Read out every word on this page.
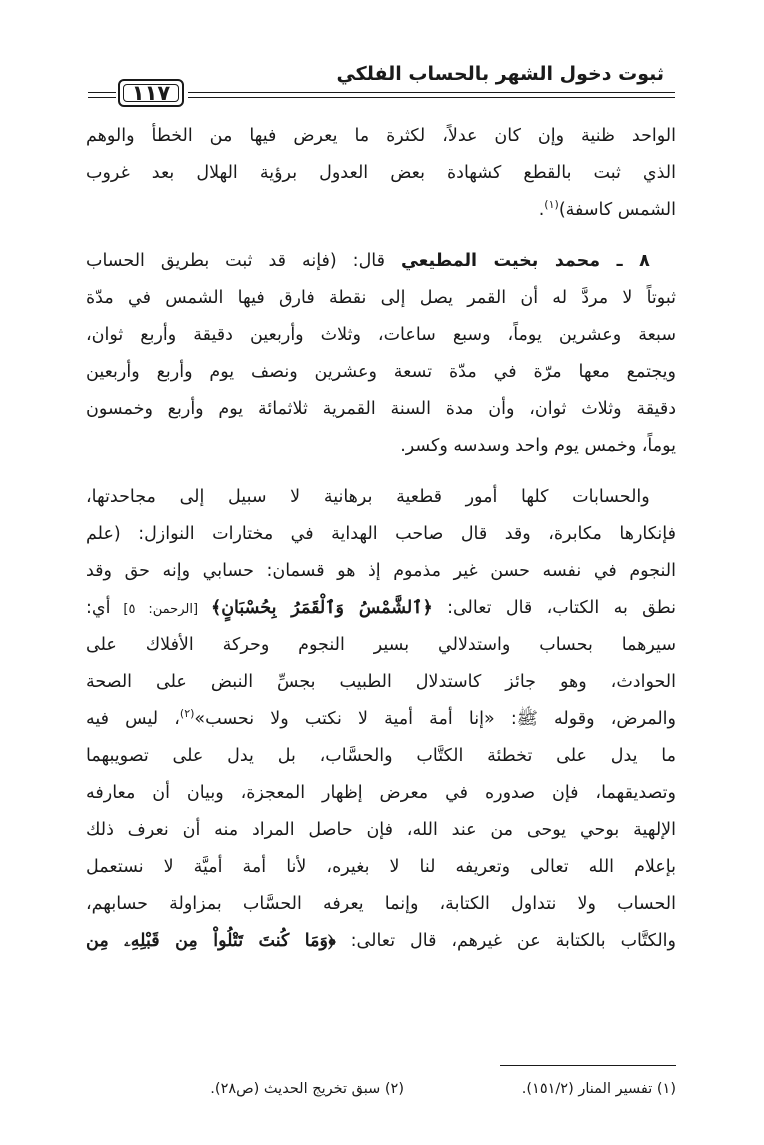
ثبوت دخول الشهر بالحساب الفلكي
١١٧
الواحد ظنية وإن كان عدلاً، لكثرة ما يعرض فيها من الخطأ والوهم
الذي ثبت بالقطع كشهادة بعض العدول برؤية الهلال بعد غروب
الشمس كاسفة)$^{(١)}$.
  ٨ ـ محمد بخيت المطيعي قال: (فإنه قد ثبت بطريق الحساب
ثبوتاً لا مردَّ له أن القمر يصل إلى نقطة فارق فيها الشمس في مدّة
سبعة وعشرين يوماً، وسبع ساعات، وثلاث وأربعين دقيقة وأربع ثوان،
ويجتمع معها مرّة في مدّة تسعة وعشرين ونصف يوم وأربع وأربعين
دقيقة وثلاث ثوان، وأن مدة السنة القمرية ثلاثمائة يوم وأربع وخمسون
يوماً، وخمس يوم واحد وسدسه وكسر.
  والحسابات كلها أمور قطعية برهانية لا سبيل إلى مجاحدتها،
فإنكارها مكابرة، وقد قال صاحب الهداية في مختارات النوازل: (علم
النجوم في نفسه حسن غير مذموم إذ هو قسمان: حسابي وإنه حق وقد
نطق به الكتاب، قال تعالى: ﴿ٱلشَّمْسُ وَٱلْقَمَرُ بِحُسْبَانٍ﴾ [الرحمن: ٥] أي:
سيرهما بحساب واستدلالي بسير النجوم وحركة الأفلاك على
الحوادث، وهو جائز كاستدلال الطبيب بجسِّ النبض على الصحة
والمرض، وقوله ﷺ: «إنا أمة أمية لا نكتب ولا نحسب»$^{(٢)}$، ليس فيه
ما يدل على تخطئة الكتَّاب والحسَّاب، بل يدل على تصويبهما
وتصديقهما، فإن صدوره في معرض إظهار المعجزة، وبيان أن معارفه
الإلهية بوحي يوحى من عند الله، فإن حاصل المراد منه أن نعرف ذلك
بإعلام الله تعالى وتعريفه لنا لا بغيره، لأنا أمة أميَّة لا نستعمل
الحساب ولا نتداول الكتابة، وإنما يعرفه الحسَّاب بمزاولة حسابهم،
والكتَّاب بالكتابة عن غيرهم، قال تعالى: ﴿وَمَا كُنتَ تَتْلُواْ مِن قَبْلِهِۦ مِن
(١) تفسير المنار (١٥١/٢).
(٢) سبق تخريج الحديث (ص٢٨).
